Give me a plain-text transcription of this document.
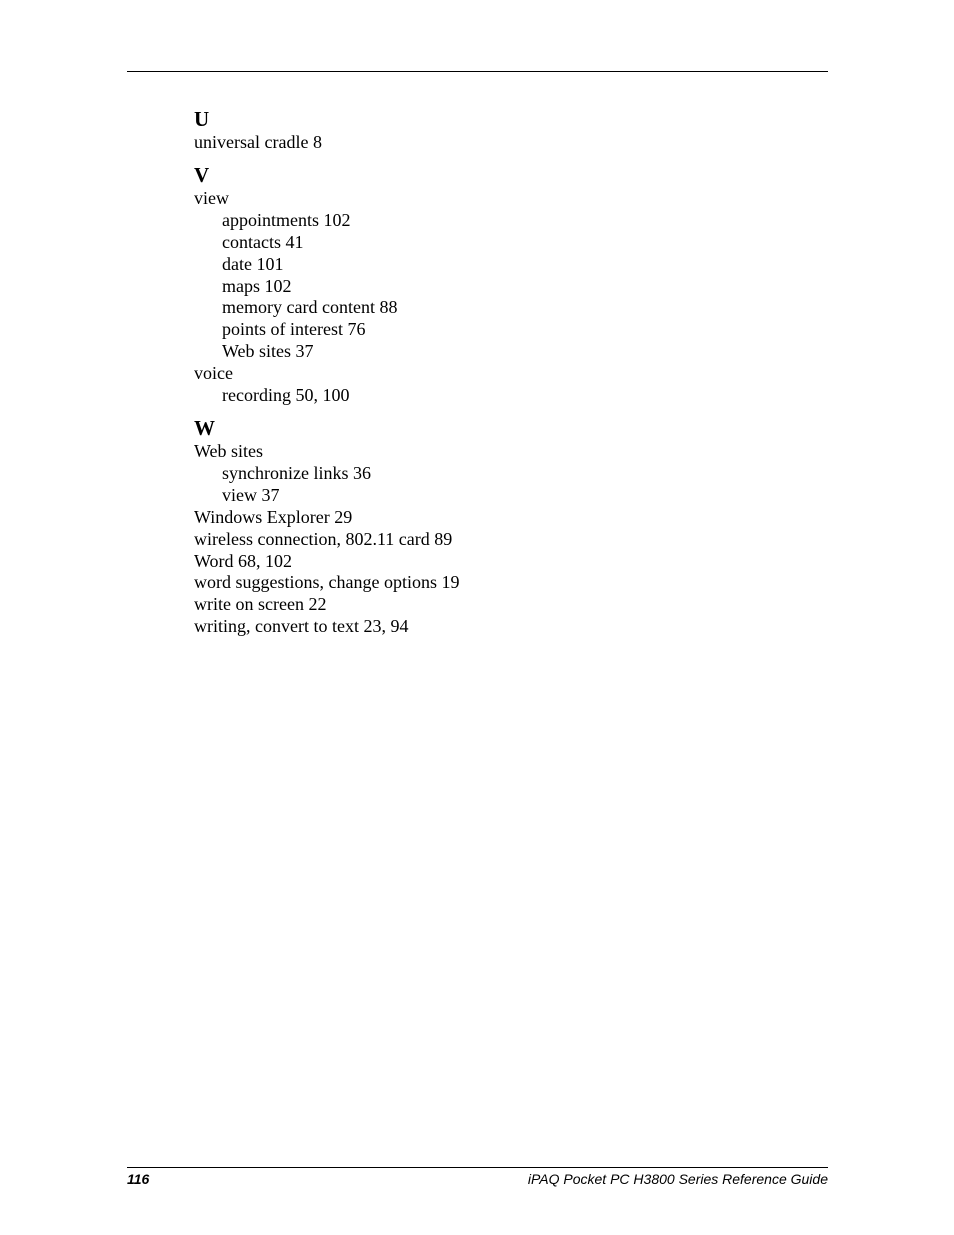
U
universal cradle 8
V
view
appointments 102
contacts 41
date 101
maps 102
memory card content 88
points of interest 76
Web sites 37
voice
recording 50, 100
W
Web sites
synchronize links 36
view 37
Windows Explorer 29
wireless connection, 802.11 card 89
Word 68, 102
word suggestions, change options 19
write on screen 22
writing, convert to text 23, 94
116	iPAQ Pocket PC H3800 Series Reference Guide
